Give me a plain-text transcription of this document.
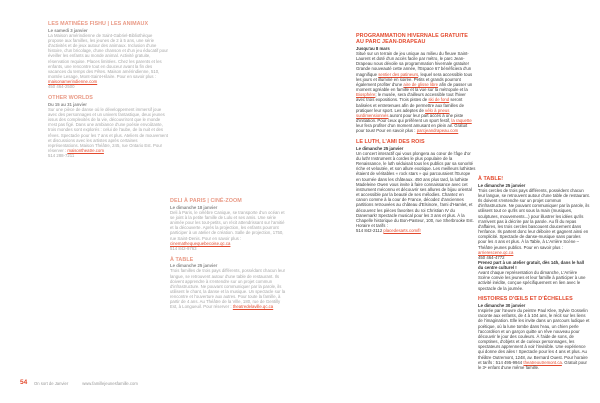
LES MATINÉES FISHU | LES ANIMAUX
Le samedi 3 janvier
La Maison amérindienne de Saint-Gabriel-Bibliothèque propose aux familles, les jeunes de 2 à 5 ans, une série d'activités et de jeux autour des animaux. Inclusion d'une histoire, d'un bricolage, d'une chanson et d'un jeu éducatif pour éveiller les enfants au monde animal. Activité gratuite, réservation requise. Places limitées. Chez les parents et les enfants, une rencontre tout en douceur avant la fin des vacances du temps des Fêtes. Maison amérindienne, 510, montée Lesage, Mont-Saint-Hilaire. Pour en savoir plus : maisonamerindienne.com
450 464-2500
OTHER WORLDS
Du 15 au 31 janvier
Sur une pièce de danse où le développement immersif joue avec des personnages et un univers fantastique, deux jeunes issus des complexités de la vie, découvriront que le monde n'est pas figé. Dans une ambiance d'une poésie envoûtante, trois mondes sont explorés : celui de l'aube, de la nuit et des rêves. Spectacle pour les 7 ans et plus. Ateliers de mouvement et discussions avec les artistes après certaines représentations. Maison Théâtre, 245, rue Ontario Est. Pour réserver : maisontheatre.com
514 288-7211
DELI À PARIS | CINÉ-ZOOM
Le dimanche 18 janvier
Deli à Paris, le célèbre Canique, se transporte d'un océan et se joint à la petite famille de Lulu et ses amis. Une série animée pour les tout-petits, un récit attendrissant sur l'amitié et la découverte. Après la projection, les enfants pourront participer à un atelier de création. Salle de projection, 1750, rue Saint-Denis. Pour en savoir plus : cinemathequequebecoise.qc.ca
514 842-9763
À TABLE
Le dimanche 25 janvier
Trois familles de trois pays différents, possédant chacun leur langue, se retrouvent autour d'une table de restaurant. Ils doivent apprendre à s'entendre sur un projet commun d'infrastructure. Ne pouvant communiquer par la parole, ils utilisent le chant, la danse et la musique. Un spectacle sur la rencontre et l'ouverture aux autres. Pour toute la famille, à partir de 4 ans. Au Théâtre de la Ville, 180, rue de Gentilly Est, à Longueuil. Pour réserver : theatredelaville.qc.ca
PROGRAMMATION HIVERNALE GRATUITE AU PARC JEAN-DRAPEAU
Jusqu'au 8 mars
Situé sur un terrain de jeu unique au milieu du fleuve Saint-Laurent et doté d'un accès facile par métro, le parc Jean-Drapeau nous dévoile sa programmation hivernale gratuite! Grande nouveauté cette année, l'Espace 67 bénéficiera d'un magnifique sentier des patineurs, lequel sera accessible tous les jours et illuminé en soirée. Petits et grands pourront également profiter d'une aire de glisse libre afin de passer un moment agréable en famille et la vue sur la métropole et la Biosphère; le musée, sera d'ailleurs accessible tout l'hiver avec trois expositions. Trois pistes de ski de fond seront balisées et entretenues afin de permettre aux familles de pratiquer leur sport. Les adeptes de vélo à pneus surdimensionnés auront pour leur part accès à une piste d'initiation. Pour ceux qui préfèrent un sport festif, la raquette leur fera profiter d'un moment amusant en plein air. Gratuit pour tous! Pour en savoir plus : parcjeandrapeau.com
LE LUTH, L'AMI DES ROIS
Le dimanche 25 janvier
Un concert interactif qui vous plongera au cœur de l'âge d'or du luth! Instrument à cordes le plus populaire de la Renaissance, le luth séduisait tous les publics par sa sonorité riche et veloutée, et son allure exotique. Les meilleurs luthistes étaient de véritables « rock stars » qui parcouraient l'Europe en tournée dans les châteaux. 450 ans plus tard, la luthiste Madeleine Owen vous invite à faire connaissance avec cet instrument méconnu et découvrir ses allures de bijou oriental et accessible par la beauté de ses mélodies. Chantez en canon comme à la cour de France, décodez d'anciennes partitions retrouvées au château d'Elsinore, l'ami d'Hamlet, et découvrez les pièces favorites du roi Christian IV du Danemark! Spectacle musical pour les 3 ans et plus. À la Chapelle historique du Bon-Pasteur, 100, rue Sherbrooke Est. Horaire et tarifs :
514 842-2112 placedesarts.com/fr
À TABLE!
Le dimanche 25 janvier
Trois cercles de trois pays différents, possèdent chacun leur langue, se retrouvent autour d'une table de restaurant. Ils doivent s'entendre sur un projet commun d'infrastructure. Ne pouvant communiquer par la parole, ils utilisent tout ce qu'ils ont sous la main (musiques, sculptures, mouvements...) pour illustrer les idées qu'ils n'arrivent pas à décrire par la parole. Au fil du repas d'affaires, les trois cercles bascouent doucement dans l'enfance. Ils partent donc leur déboire et gagnent ainsi en complicité. Spectacle de danse-musique sans paroles pour les 4 ans et plus. À la Table, à L'Arrière Scène – Théâtre jeunes publics. Pour en savoir plus : arrierescene.qc.ca
450 464-4772
Prenez part à un atelier gratuit, dès 14h, dans le hall du centre culturel !
Avant chaque représentation du dimanche, L'Arrière Scène convie les jeunes et leur famille à participer à une activité inédite, conçue spécifiquement en lien avec le spectacle de la journée.
HISTOIRES D'ŒILS ET D'ÉCHELLES
Le dimanche 30 janvier
Inspirée par l'œuvre du peintre Paul Klee, Sylvie Gosselin raconte aux enfants, de 4 à 104 ans, le récit sur les liens de l'imagination. Elle les invite dans un parcours ludique et poétique, où la lune tombe dans l'eau, un chien perle l'accordéon et un garçon quitte un rêve nouveau pour découvrir le jour des couleurs. À l'aide de sons, de comptines, d'objets et de curieux personnages, les spectateurs apprennent à voir l'invisible. Une expérience qui donne des ailes ! Spectacle pour les 4 ans et plus. Au théâtre Outremont, 1248, av. Bernard Ouest. Pour horaire et tarifs : 514 495-9944 theatreoutremont.ca. Gratuit pour le 3ᵉ enfant d'une même famille.
54 On sort de Janvier	www.famillejeunesfamille.com
